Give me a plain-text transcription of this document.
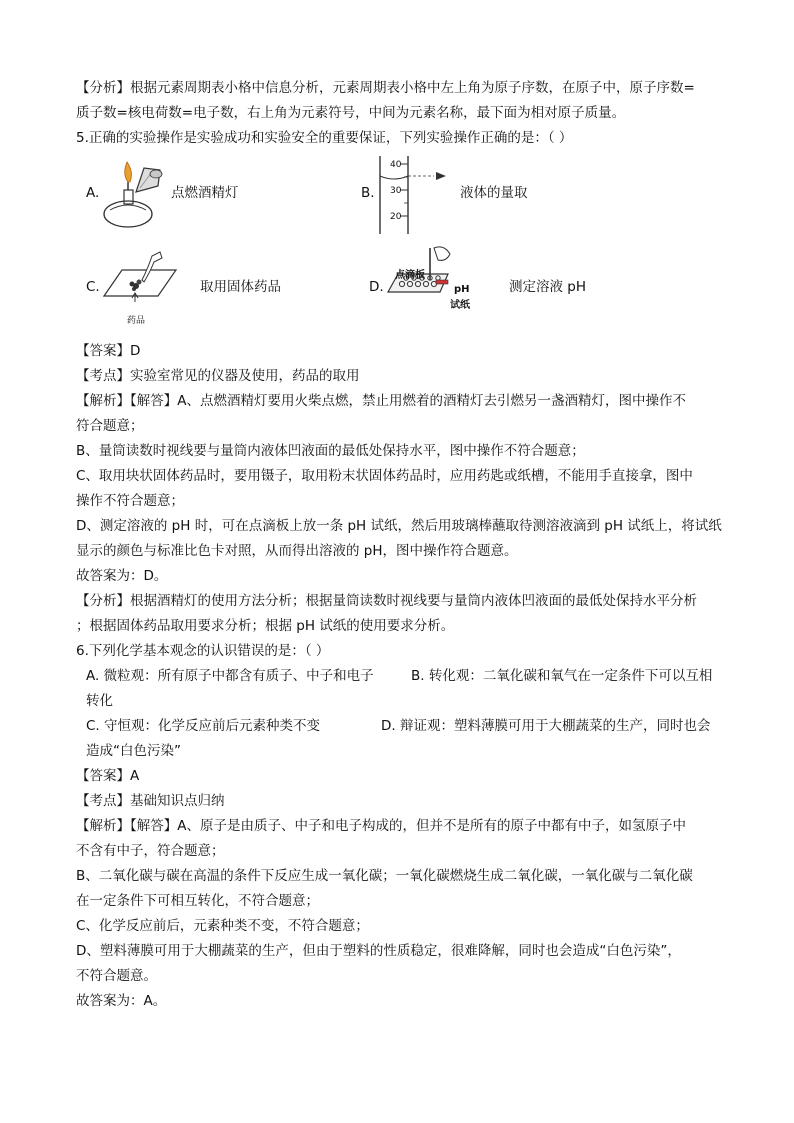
【分析】根据元素周期表小格中信息分析，元素周期表小格中左上角为原子序数，在原子中，原子序数=
质子数=核电荷数=电子数，右上角为元素符号，中间为元素名称，最下面为相对原子质量。
5.正确的实验操作是实验成功和实验安全的重要保证，下列实验操作正确的是：（ ）
A.	点燃酒精灯	B.
40
30
20
液体的量取
C.
药品
取用固体药品	D.
点滴板
pH
试纸
测定溶液 pH
【答案】D
【考点】实验室常见的仪器及使用，药品的取用
【解析】【解答】A、点燃酒精灯要用火柴点燃，禁止用燃着的酒精灯去引燃另一盏酒精灯，图中操作不
符合题意；
B、量筒读数时视线要与量筒内液体凹液面的最低处保持水平，图中操作不符合题意；
C、取用块状固体药品时，要用镊子，取用粉末状固体药品时，应用药匙或纸槽，不能用手直接拿，图中
操作不符合题意；
D、测定溶液的 pH 时，可在点滴板上放一条 pH 试纸，然后用玻璃棒蘸取待测溶液滴到 pH 试纸上，将试纸
显示的颜色与标准比色卡对照，从而得出溶液的 pH，图中操作符合题意。
故答案为：D。
【分析】根据酒精灯的使用方法分析；根据量筒读数时视线要与量筒内液体凹液面的最低处保持水平分析
；根据固体药品取用要求分析；根据 pH 试纸的使用要求分析。
6.下列化学基本观念的认识错误的是：（ ）
A. 微粒观：所有原子中都含有质子、中子和电子	B. 转化观：二氧化碳和氧气在一定条件下可以互相
转化
C. 守恒观：化学反应前后元素种类不变	D. 辩证观：塑料薄膜可用于大棚蔬菜的生产，同时也会
造成“白色污染”
【答案】A
【考点】基础知识点归纳
【解析】【解答】A、原子是由质子、中子和电子构成的，但并不是所有的原子中都有中子，如氢原子中
不含有中子，符合题意；
B、二氧化碳与碳在高温的条件下反应生成一氧化碳；一氧化碳燃烧生成二氧化碳，一氧化碳与二氧化碳
在一定条件下可相互转化，不符合题意；
C、化学反应前后，元素种类不变，不符合题意；
D、塑料薄膜可用于大棚蔬菜的生产，但由于塑料的性质稳定，很难降解，同时也会造成“白色污染”，
不符合题意。
故答案为：A。
